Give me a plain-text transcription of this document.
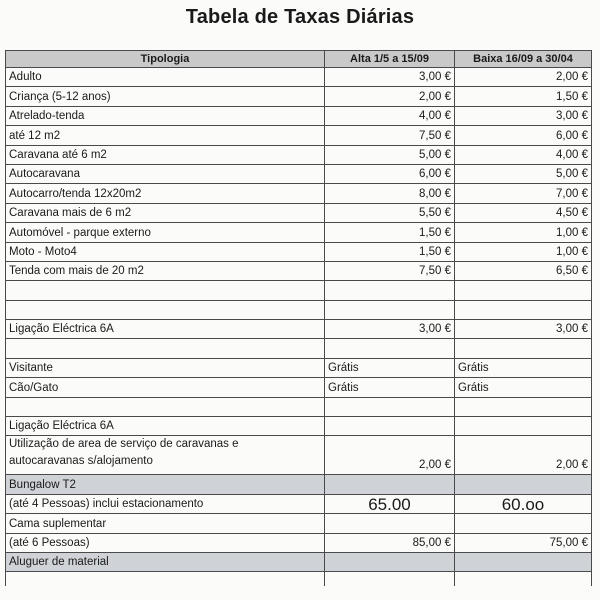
Tabela de Taxas Diárias
Tipologia	Alta 1/5 a 15/09	Baixa 16/09 a 30/04
Adulto	3,00 €	2,00 €
Criança (5-12 anos)	2,00 €	1,50 €
Atrelado-tenda	4,00 €	3,00 €
até 12 m2	7,50 €	6,00 €
Caravana até 6 m2	5,00 €	4,00 €
Autocaravana	6,00 €	5,00 €
Autocarro/tenda 12x20m2	8,00 €	7,00 €
Caravana mais de 6 m2	5,50 €	4,50 €
Automóvel - parque externo	1,50 €	1,00 €
Moto - Moto4	1,50 €	1,00 €
Tenda com mais de 20 m2	7,50 €	6,50 €

Ligação Eléctrica 6A	3,00 €	3,00 €

Visitante	Grátis	Grátis
Cão/Gato	Grátis	Grátis

Ligação Eléctrica 6A		
Utilização de area de serviço de caravanas e
autocaravanas s/alojamento	2,00 €	2,00 €
Bungalow T2		
(até 4 Pessoas) inclui estacionamento	65.00	60.oo
Cama suplementar		
(até 6 Pessoas)	85,00 €	75,00 €
Aluguer de material		
